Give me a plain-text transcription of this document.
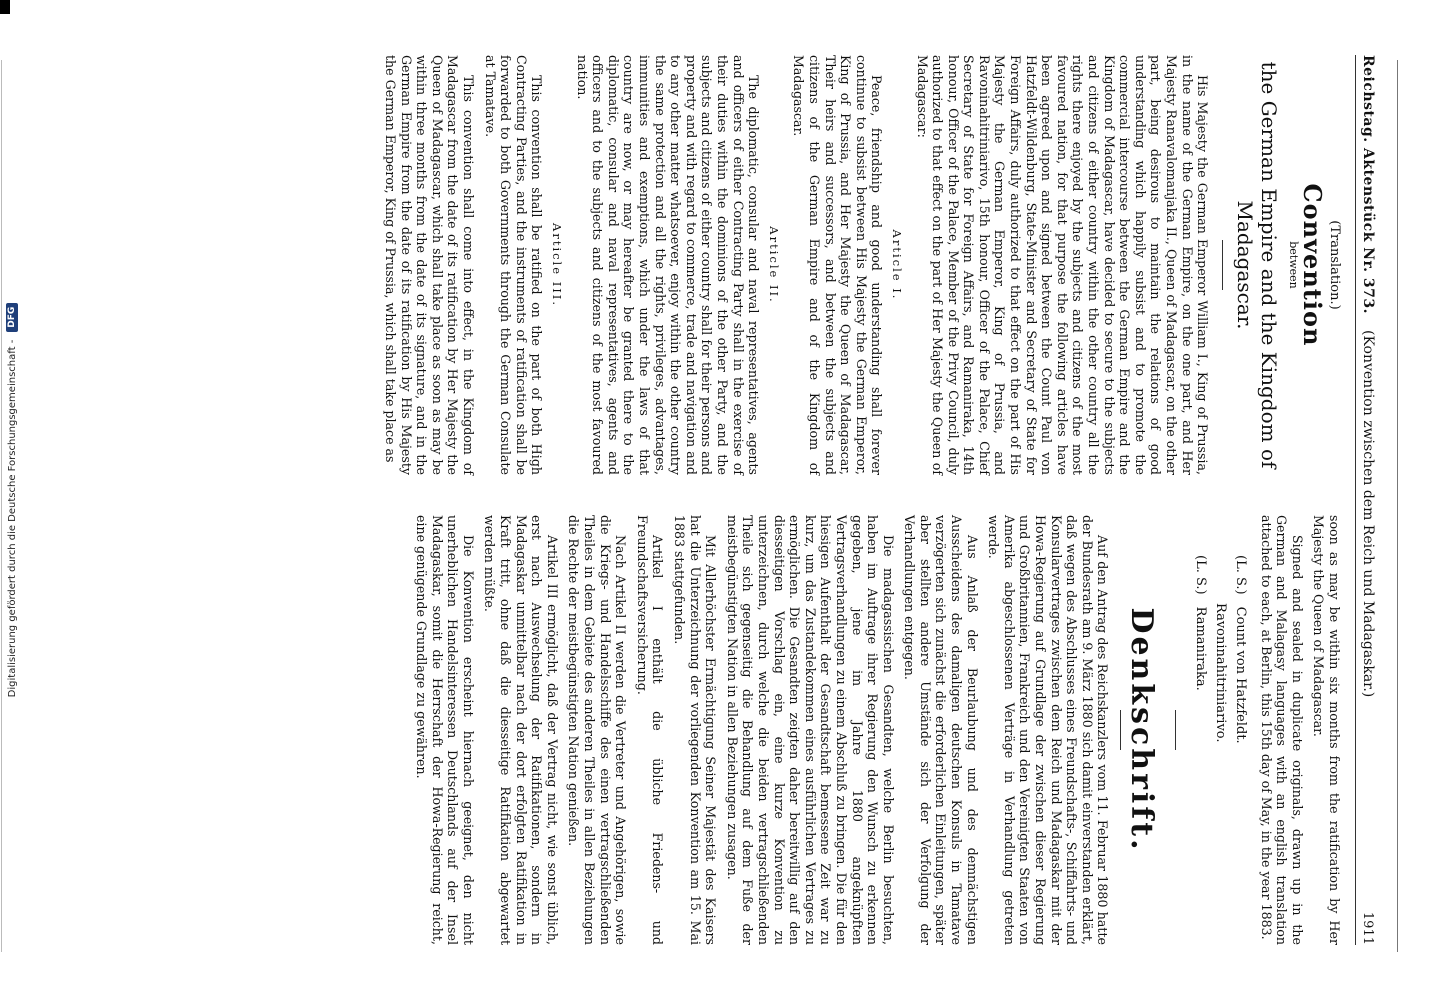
Digitalisierung gefördert durch die Deutsche Forschungsgemeinschaft -
DFG
Reichstag. Aktenstück Nr. 373.
(Konvention zwischen dem Reich und Madagaskar.)
1911
(Translation.)
Convention
between
the German Empire and the Kingdom of Madagascar.

His Majesty the German Emperor William I., King of Prussia, in the name of the German Empire, on the one part, and Her Majesty Ranavalomanjaka II., Queen of Madagascar, on the other part, being desirous to maintain the relations of good understanding which happily subsist and to promote the commercial intercourse between the German Empire and the Kingdom of Madagascar, have decided to secure to the subjects and citizens of either country within the other country all the rights there enjoyed by the subjects and citizens of the most favoured nation, for that purpose the following articles have been agreed upon and signed between the Count Paul von Hatzfeldt-Wildenburg, State-Minister and Secretary of State for Foreign Affairs, duly authorized to that effect on the part of His Majesty the German Emperor, King of Prussia, and Ravoninahitriniarivo, 15th honour, Officer of the Palace, Chief Secretary of State for Foreign Affairs, and Ramaniraka, 14th honour, Officer of the Palace, Member of the Privy Council, duly authorized to that effect on the part of Her Majesty the Queen of Madagascar:

Article I.

Peace, friendship and good understanding shall forever continue to subsist between His Majesty the German Emperor, King of Prussia, and Her Majesty the Queen of Madagascar, Their heirs and successors, and between the subjects and citizens of the German Empire and of the Kingdom of Madagascar.

Article II.

The diplomatic, consular and naval representatives, agents and officers of either Contracting Party shall in the exercise of their duties within the dominions of the other Party, and the subjects and citizens of either country shall for their persons and property and with regard to commerce, trade and navigation and to any other matter whatsoever, enjoy within the other country the same protection and all the rights, privileges, advantages, immunities and exemptions, which under the laws of that country are now, or may hereafter be granted there to the diplomatic, consular and naval representatives, agents and officers and to the subjects and citizens of the most favoured nation.

Article III.

This convention shall be ratified on the part of both High Contracting Parties, and the instruments of ratification shall be forwarded to both Governments through the German Consulate at Tamatave.

This convention shall come into effect, in the Kingdom of Madagascar from the date of its ratification by Her Majesty the Queen of Madagascar, which shall take place as soon as may be within three months from the date of its signature, and in the German Empire from the date of its ratification by His Majesty the German Emperor, King of Prussia, which shall take place as

soon as may be within six months from the ratification by Her Majesty the Queen of Madagascar.

Signed and sealed in duplicate originals, drawn up in the German and Malagasy languages with an english translation attached to each, at Berlin, this 15th day of May, in the year 1883.

(L. S.)
Count von Hatzfeldt.
Ravoninahitriniarivo.
(L. S.)
Ramaniraka.
Denkschrift.

Auf den Antrag des Reichskanzlers vom 11. Februar 1880 hatte der Bundesrath am 9. März 1880 sich damit einverstanden erklärt, daß wegen des Abschlusses eines Freundschafts-, Schiffahrts- und Konsularvertrages zwischen dem Reich und Madagaskar mit der Howa-Regierung auf Grundlage der zwischen dieser Regierung und Großbritannien, Frankreich und den Vereinigten Staaten von Amerika abgeschlossenen Verträge in Verhandlung getreten werde.

Aus Anlaß der Beurlaubung und des demnächstigen Ausscheidens des damaligen deutschen Konsuls in Tamatave verzögerten sich zunächst die erforderlichen Einleitungen, später aber stellten andere Umstände sich der Verfolgung der Verhandlungen entgegen.

Die madagassischen Gesandten, welche Berlin besuchten, haben im Auftrage ihrer Regierung den Wunsch zu erkennen gegeben, jene im Jahre 1880 angeknüpften Vertragsverhandlungen zu einem Abschluß zu bringen. Die für den hiesigen Aufenthalt der Gesandtschaft bemessene Zeit war zu kurz, um das Zustandekommen eines ausführlichen Vertrages zu ermöglichen. Die Gesandten zeigten daher bereitwillig auf den diesseitigen Vorschlag ein, eine kurze Konvention zu unterzeichnen, durch welche die beiden vertragschließenden Theile sich gegenseitig die Behandlung auf dem Fuße der meistbegünstigten Nation in allen Beziehungen zusagen.

Mit Allerhöchster Ermächtigung Seiner Majestät des Kaisers hat die Unterzeichnung der vorliegenden Konvention am 15. Mai 1883 stattgefunden.

Artikel I enthält die übliche Friedens- und Freundschaftsversicherung.

Nach Artikel II werden die Vertreter und Angehörigen, sowie die Kriegs- und Handelsschiffe des einen vertragschließenden Theiles in dem Gebiete des anderen Theiles in allen Beziehungen die Rechte der meistbegünstigten Nation genießen.

Artikel III ermöglicht, daß der Vertrag nicht, wie sonst üblich, erst nach Auswechselung der Ratifikationen, sondern in Madagaskar unmittelbar nach der dort erfolgten Ratifikation in Kraft tritt, ohne daß die diesseitige Ratifikation abgewartet werden müßte.

Die Konvention erscheint hiernach geeignet, den nicht unerheblichen Handelsinteressen Deutschlands auf der Insel Madagaskar, somit die Herrschaft der Howa-Regierung reicht, eine genügende Grundlage zu gewähren.
